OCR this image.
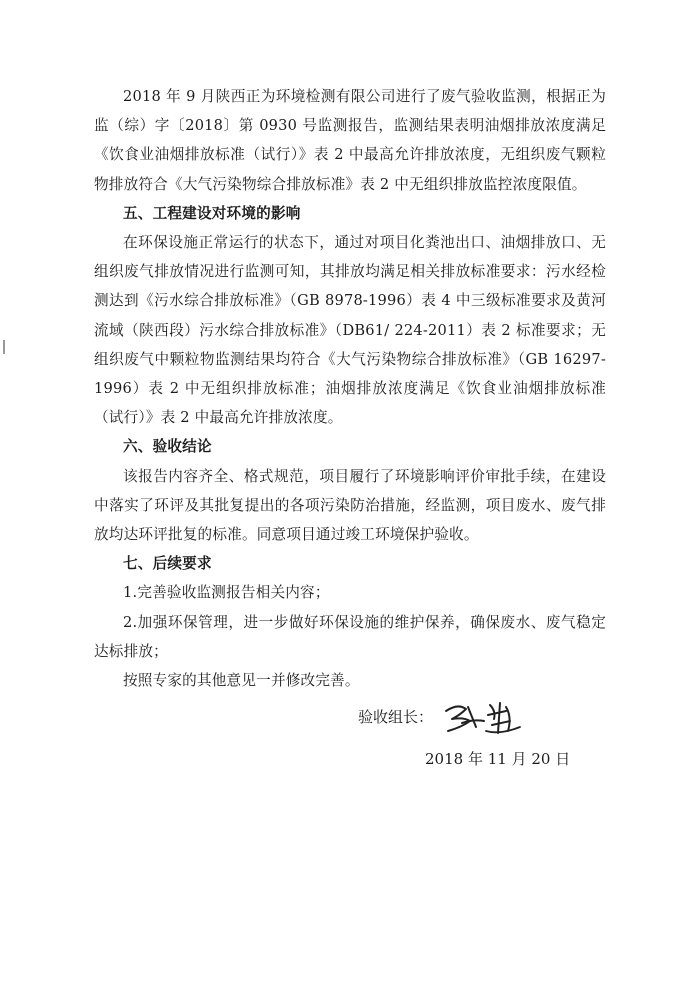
2018 年 9 月陕西正为环境检测有限公司进行了废气验收监测，根据正为监（综）字〔2018〕第 0930 号监测报告，监测结果表明油烟排放浓度满足《饮食业油烟排放标准（试行）》表 2 中最高允许排放浓度，无组织废气颗粒物排放符合《大气污染物综合排放标准》表 2 中无组织排放监控浓度限值。

五、工程建设对环境的影响

在环保设施正常运行的状态下，通过对项目化粪池出口、油烟排放口、无组织废气排放情况进行监测可知，其排放均满足相关排放标准要求：污水经检测达到《污水综合排放标准》（GB 8978-1996）表 4 中三级标准要求及黄河流域（陕西段）污水综合排放标准》（DB61/ 224-2011）表 2 标准要求；无组织废气中颗粒物监测结果均符合《大气污染物综合排放标准》（GB 16297-1996）表 2 中无组织排放标准；油烟排放浓度满足《饮食业油烟排放标准（试行）》表 2 中最高允许排放浓度。

六、验收结论

该报告内容齐全、格式规范，项目履行了环境影响评价审批手续，在建设中落实了环评及其批复提出的各项污染防治措施，经监测，项目废水、废气排放均达环评批复的标准。同意项目通过竣工环境保护验收。

七、后续要求

1.完善验收监测报告相关内容；

2.加强环保管理，进一步做好环保设施的维护保养，确保废水、废气稳定达标排放；

按照专家的其他意见一并修改完善。

验收组长：
2018 年 11 月 20 日
